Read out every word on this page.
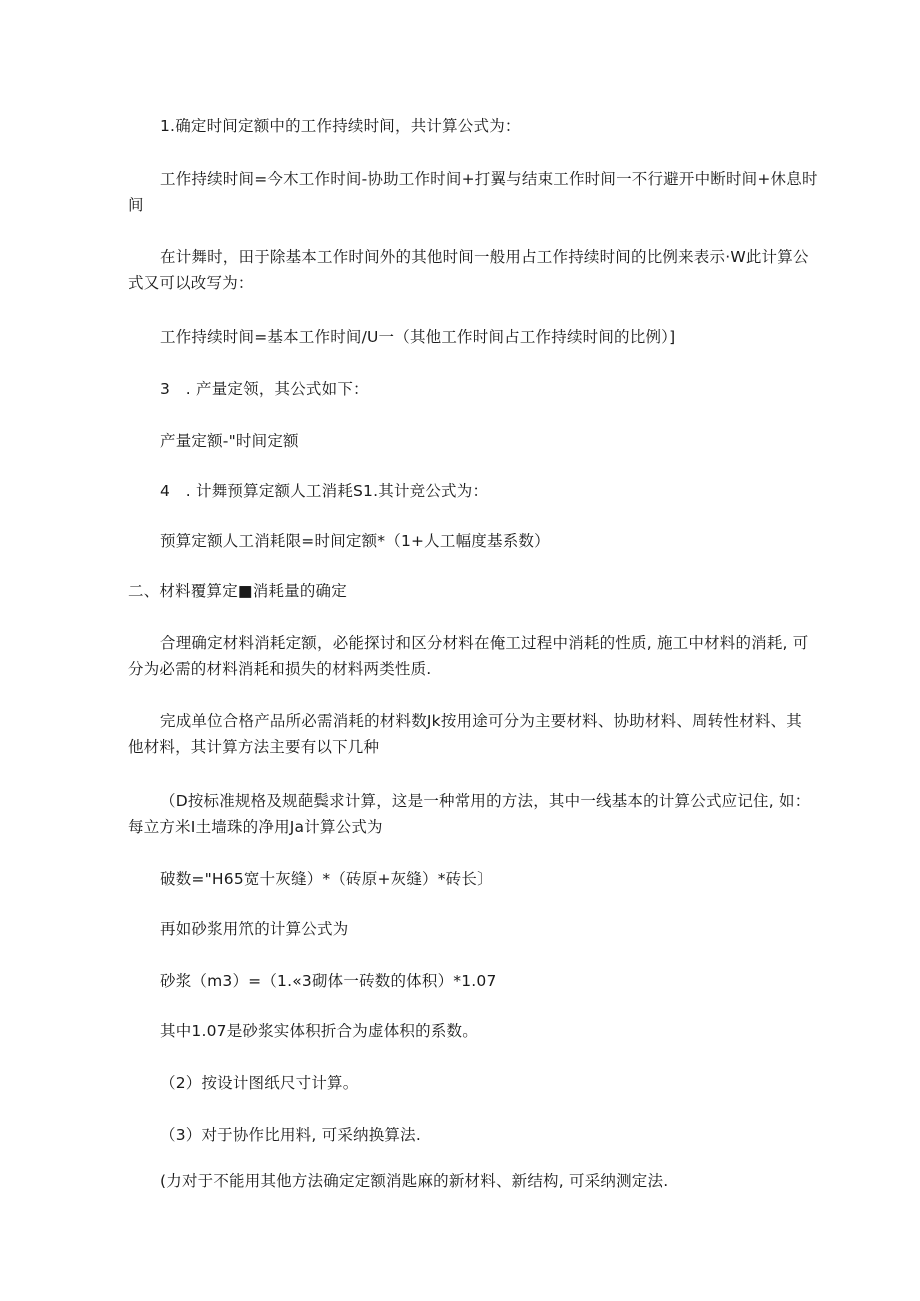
1.确定时间定额中的工作持续时间，共计算公式为：

工作持续时间=今木工作时间-协助工作时间+打翼与结束工作时间一不行避开中断时间+休息时

间

在计舞时，田于除基本工作时间外的其他时间一般用占工作持续时间的比例来表示·W此计算公

式又可以改写为：

工作持续时间=基本工作时间/U一（其他工作时间占工作持续时间的比例）]

3　. 产量定领，其公式如下：

产量定额-"时间定额

4　. 计舞预算定额人工消耗S1.其计竞公式为：

预算定额人工消耗限=时间定额*（1+人工幅度基系数）

二、材料覆算定■消耗量的确定

合理确定材料消耗定额，必能探讨和区分材料在俺工过程中消耗的性质, 施工中材料的消耗, 可

分为必需的材料消耗和损失的材料两类性质.

完成单位合格产品所必需消耗的材料数Jk按用途可分为主要材料、协助材料、周转性材料、其

他材料，其计算方法主要有以下几种

（D按标准规格及规葩鬓求计算，这是一种常用的方法，其中一线基本的计算公式应记住, 如：

每立方米I土墙珠的净用Ja计算公式为

破数="H65宽十灰缝）*（砖原+灰缝）*砖长〕

再如砂浆用笊的计算公式为

砂浆（m3）=（1.«3砌体一砖数的体积）*1.07

其中1.07是砂浆实体积折合为虚体积的系数。

（2）按设计图纸尺寸计算。

（3）对于协作比用料, 可采纳换算法.

(力对于不能用其他方法确定定额消匙麻的新材料、新结构, 可采纳测定法.
